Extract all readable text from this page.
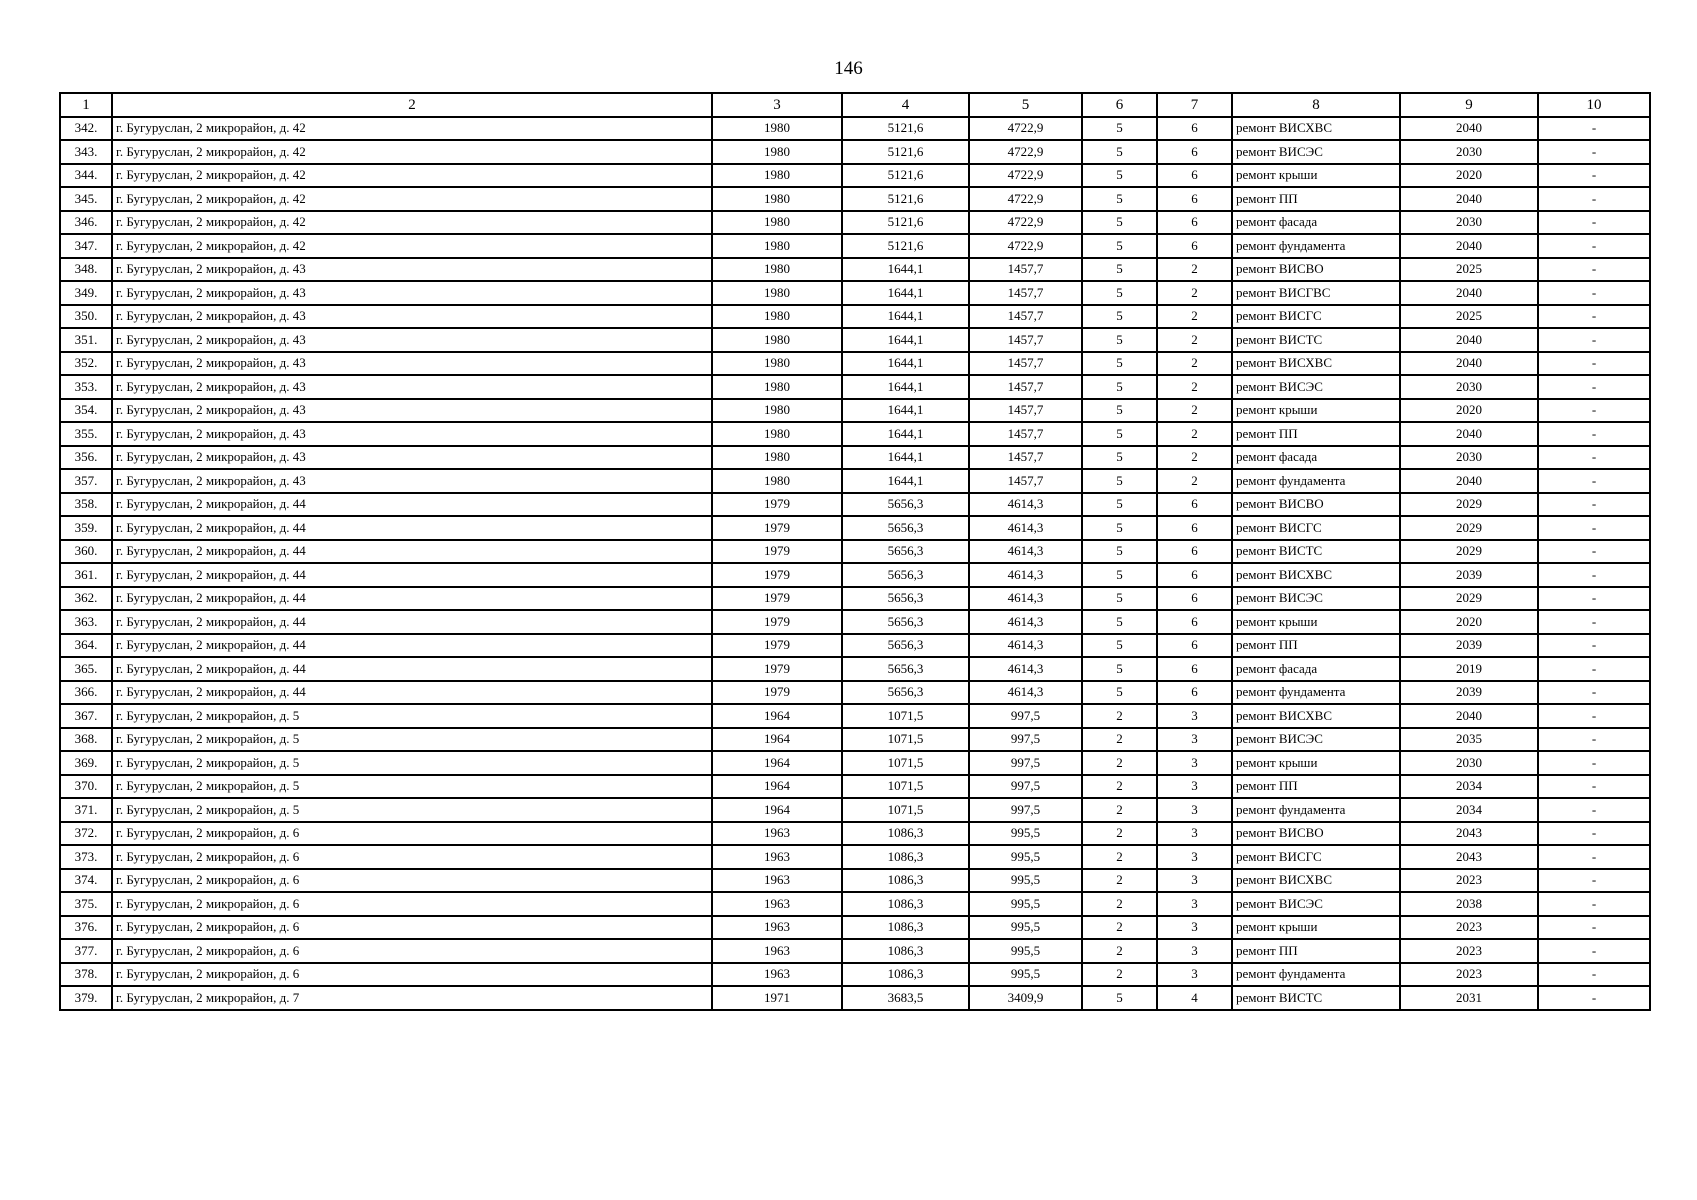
146
1	2	3	4	5	6	7	8	9	10
342.	г. Бугуруслан, 2 микрорайон, д. 42	1980	5121,6	4722,9	5	6	ремонт ВИСХВС	2040	-
343.	г. Бугуруслан, 2 микрорайон, д. 42	1980	5121,6	4722,9	5	6	ремонт ВИСЭС	2030	-
344.	г. Бугуруслан, 2 микрорайон, д. 42	1980	5121,6	4722,9	5	6	ремонт крыши	2020	-
345.	г. Бугуруслан, 2 микрорайон, д. 42	1980	5121,6	4722,9	5	6	ремонт ПП	2040	-
346.	г. Бугуруслан, 2 микрорайон, д. 42	1980	5121,6	4722,9	5	6	ремонт фасада	2030	-
347.	г. Бугуруслан, 2 микрорайон, д. 42	1980	5121,6	4722,9	5	6	ремонт фундамента	2040	-
348.	г. Бугуруслан, 2 микрорайон, д. 43	1980	1644,1	1457,7	5	2	ремонт ВИСВО	2025	-
349.	г. Бугуруслан, 2 микрорайон, д. 43	1980	1644,1	1457,7	5	2	ремонт ВИСГВС	2040	-
350.	г. Бугуруслан, 2 микрорайон, д. 43	1980	1644,1	1457,7	5	2	ремонт ВИСГС	2025	-
351.	г. Бугуруслан, 2 микрорайон, д. 43	1980	1644,1	1457,7	5	2	ремонт ВИСТС	2040	-
352.	г. Бугуруслан, 2 микрорайон, д. 43	1980	1644,1	1457,7	5	2	ремонт ВИСХВС	2040	-
353.	г. Бугуруслан, 2 микрорайон, д. 43	1980	1644,1	1457,7	5	2	ремонт ВИСЭС	2030	-
354.	г. Бугуруслан, 2 микрорайон, д. 43	1980	1644,1	1457,7	5	2	ремонт крыши	2020	-
355.	г. Бугуруслан, 2 микрорайон, д. 43	1980	1644,1	1457,7	5	2	ремонт ПП	2040	-
356.	г. Бугуруслан, 2 микрорайон, д. 43	1980	1644,1	1457,7	5	2	ремонт фасада	2030	-
357.	г. Бугуруслан, 2 микрорайон, д. 43	1980	1644,1	1457,7	5	2	ремонт фундамента	2040	-
358.	г. Бугуруслан, 2 микрорайон, д. 44	1979	5656,3	4614,3	5	6	ремонт ВИСВО	2029	-
359.	г. Бугуруслан, 2 микрорайон, д. 44	1979	5656,3	4614,3	5	6	ремонт ВИСГС	2029	-
360.	г. Бугуруслан, 2 микрорайон, д. 44	1979	5656,3	4614,3	5	6	ремонт ВИСТС	2029	-
361.	г. Бугуруслан, 2 микрорайон, д. 44	1979	5656,3	4614,3	5	6	ремонт ВИСХВС	2039	-
362.	г. Бугуруслан, 2 микрорайон, д. 44	1979	5656,3	4614,3	5	6	ремонт ВИСЭС	2029	-
363.	г. Бугуруслан, 2 микрорайон, д. 44	1979	5656,3	4614,3	5	6	ремонт крыши	2020	-
364.	г. Бугуруслан, 2 микрорайон, д. 44	1979	5656,3	4614,3	5	6	ремонт ПП	2039	-
365.	г. Бугуруслан, 2 микрорайон, д. 44	1979	5656,3	4614,3	5	6	ремонт фасада	2019	-
366.	г. Бугуруслан, 2 микрорайон, д. 44	1979	5656,3	4614,3	5	6	ремонт фундамента	2039	-
367.	г. Бугуруслан, 2 микрорайон, д. 5	1964	1071,5	997,5	2	3	ремонт ВИСХВС	2040	-
368.	г. Бугуруслан, 2 микрорайон, д. 5	1964	1071,5	997,5	2	3	ремонт ВИСЭС	2035	-
369.	г. Бугуруслан, 2 микрорайон, д. 5	1964	1071,5	997,5	2	3	ремонт крыши	2030	-
370.	г. Бугуруслан, 2 микрорайон, д. 5	1964	1071,5	997,5	2	3	ремонт ПП	2034	-
371.	г. Бугуруслан, 2 микрорайон, д. 5	1964	1071,5	997,5	2	3	ремонт фундамента	2034	-
372.	г. Бугуруслан, 2 микрорайон, д. 6	1963	1086,3	995,5	2	3	ремонт ВИСВО	2043	-
373.	г. Бугуруслан, 2 микрорайон, д. 6	1963	1086,3	995,5	2	3	ремонт ВИСГС	2043	-
374.	г. Бугуруслан, 2 микрорайон, д. 6	1963	1086,3	995,5	2	3	ремонт ВИСХВС	2023	-
375.	г. Бугуруслан, 2 микрорайон, д. 6	1963	1086,3	995,5	2	3	ремонт ВИСЭС	2038	-
376.	г. Бугуруслан, 2 микрорайон, д. 6	1963	1086,3	995,5	2	3	ремонт крыши	2023	-
377.	г. Бугуруслан, 2 микрорайон, д. 6	1963	1086,3	995,5	2	3	ремонт ПП	2023	-
378.	г. Бугуруслан, 2 микрорайон, д. 6	1963	1086,3	995,5	2	3	ремонт фундамента	2023	-
379.	г. Бугуруслан, 2 микрорайон, д. 7	1971	3683,5	3409,9	5	4	ремонт ВИСТС	2031	-
